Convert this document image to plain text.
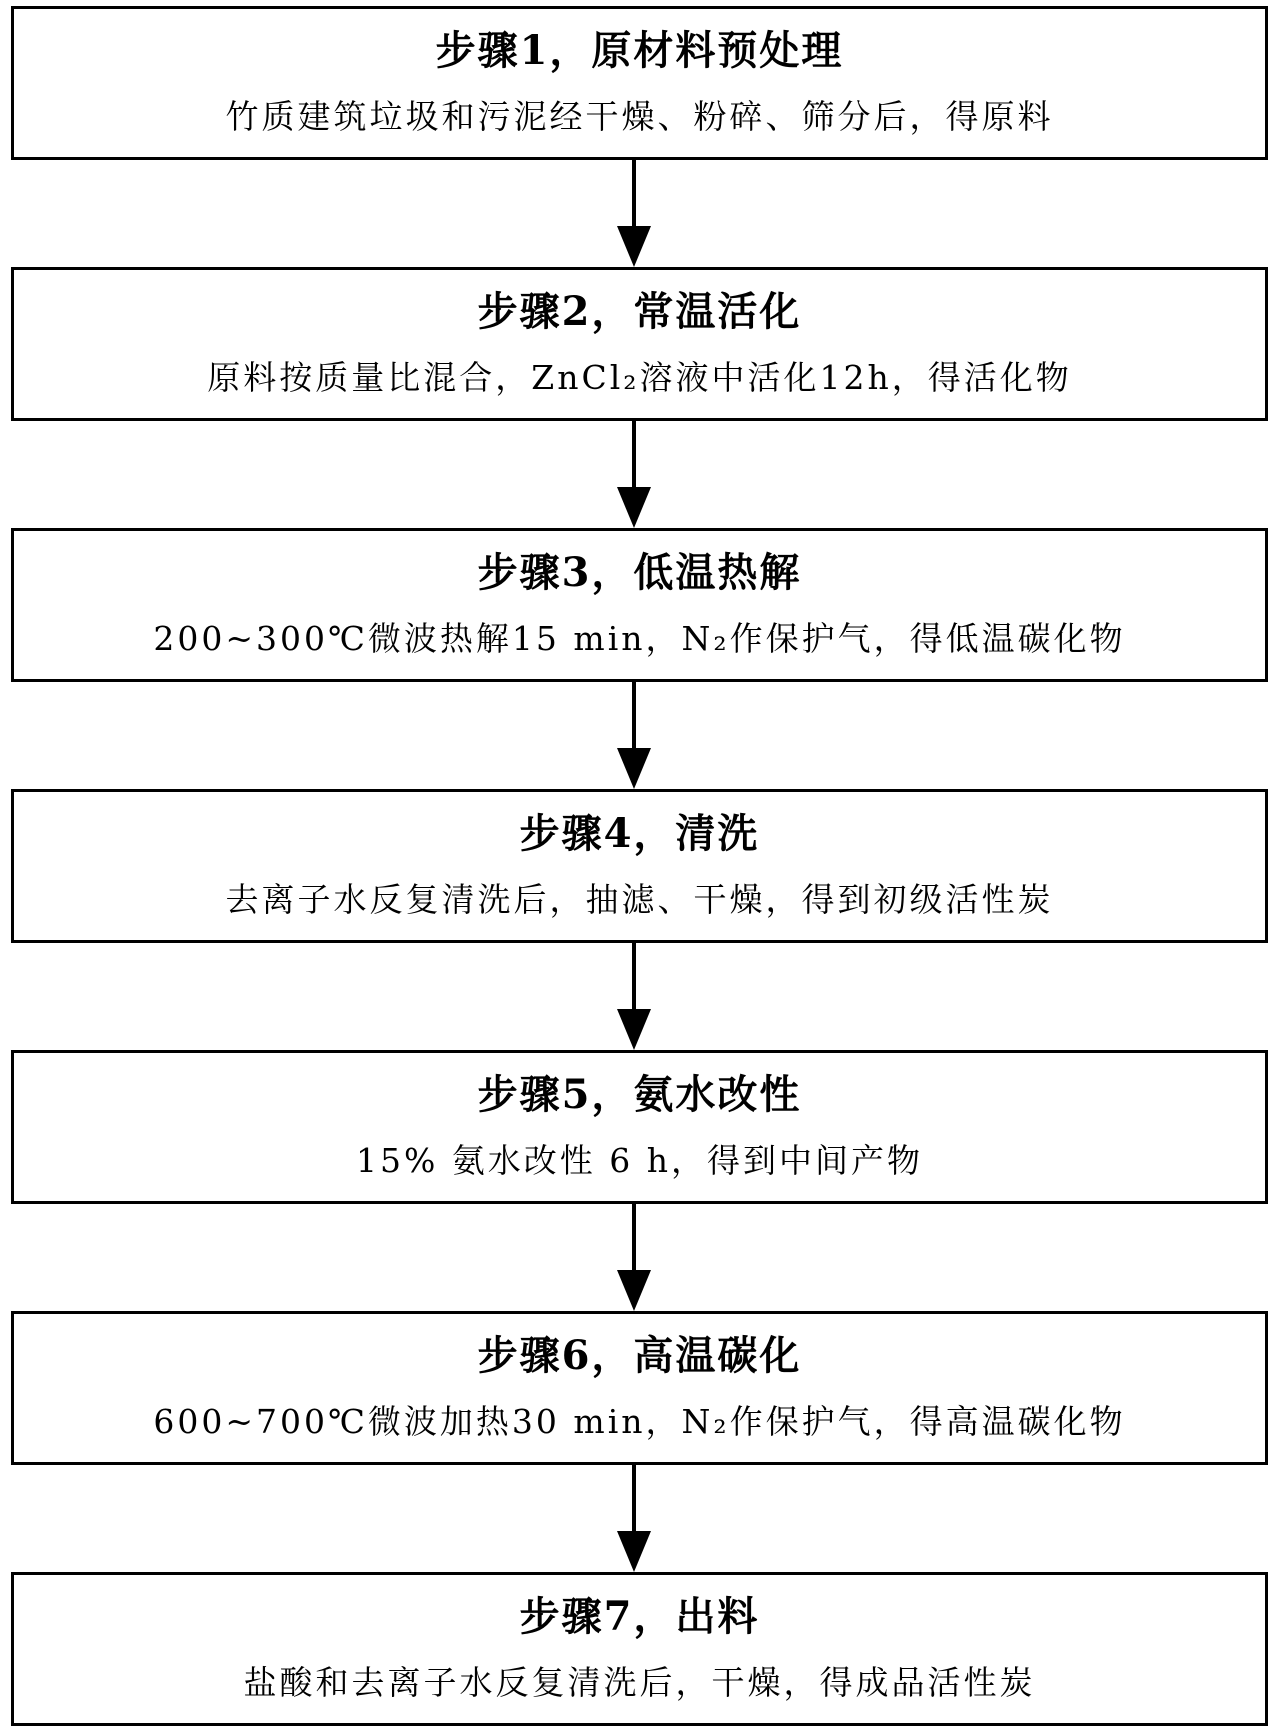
步骤1，原材料预处理
竹质建筑垃圾和污泥经干燥、粉碎、筛分后，得原料
步骤2，常温活化
原料按质量比混合，ZnCl₂溶液中活化12h，得活化物
步骤3，低温热解
200~300℃微波热解15 min，N₂作保护气，得低温碳化物
步骤4，清洗
去离子水反复清洗后，抽滤、干燥，得到初级活性炭
步骤5，氨水改性
15% 氨水改性 6 h，得到中间产物
步骤6，高温碳化
600~700℃微波加热30 min，N₂作保护气，得高温碳化物
步骤7，出料
盐酸和去离子水反复清洗后，干燥，得成品活性炭
